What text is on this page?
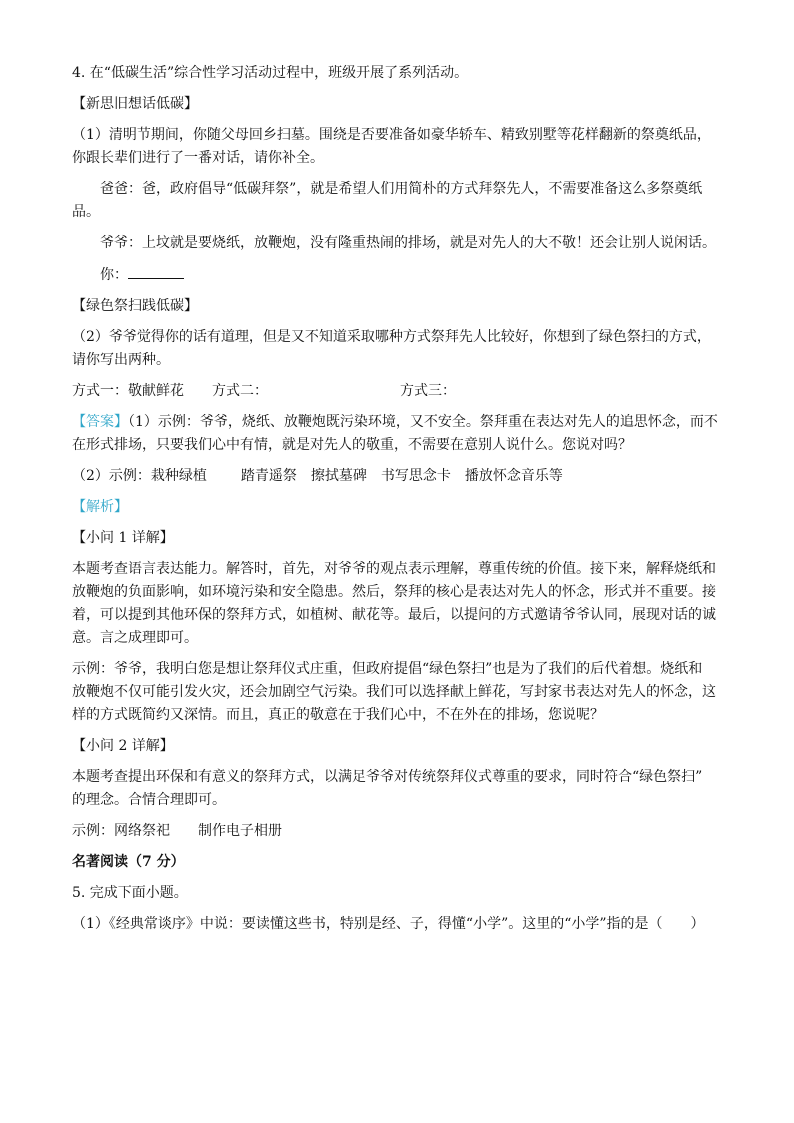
4. 在“低碳生活”综合性学习活动过程中，班级开展了系列活动。
【新思旧想话低碳】
（1）清明节期间，你随父母回乡扫墓。围绕是否要准备如豪华轿车、精致别墅等花样翻新的祭奠纸品，
你跟长辈们进行了一番对话，请你补全。
爸爸：爸，政府倡导“低碳拜祭”，就是希望人们用简朴的方式拜祭先人，不需要准备这么多祭奠纸
品。
爷爷：上坟就是要烧纸，放鞭炮，没有隆重热闹的排场，就是对先人的大不敬！还会让别人说闲话。
你：
【绿色祭扫践低碳】
（2）爷爷觉得你的话有道理，但是又不知道采取哪种方式祭拜先人比较好，你想到了绿色祭扫的方式，
请你写出两种。
方式一：敬献鲜花 方式二：	方式三：
【答案】（1）示例：爷爷，烧纸、放鞭炮既污染环境，又不安全。祭拜重在表达对先人的追思怀念，而不
在形式排场，只要我们心中有情，就是对先人的敬重，不需要在意别人说什么。您说对吗？
（2）示例：栽种绿植 踏青遥祭 擦拭墓碑 书写思念卡 播放怀念音乐等
【解析】
【小问 1 详解】
本题考查语言表达能力。解答时，首先，对爷爷的观点表示理解，尊重传统的价值。接下来，解释烧纸和
放鞭炮的负面影响，如环境污染和安全隐患。然后，祭拜的核心是表达对先人的怀念，形式并不重要。接
着，可以提到其他环保的祭拜方式，如植树、献花等。最后，以提问的方式邀请爷爷认同，展现对话的诚
意。言之成理即可。
示例：爷爷，我明白您是想让祭拜仪式庄重，但政府提倡“绿色祭扫”也是为了我们的后代着想。烧纸和
放鞭炮不仅可能引发火灾，还会加剧空气污染。我们可以选择献上鲜花，写封家书表达对先人的怀念，这
样的方式既简约又深情。而且，真正的敬意在于我们心中，不在外在的排场，您说呢？
【小问 2 详解】
本题考查提出环保和有意义的祭拜方式，以满足爷爷对传统祭拜仪式尊重的要求，同时符合“绿色祭扫”
的理念。合情合理即可。
示例：网络祭祀 制作电子相册
名著阅读（7 分）
5. 完成下面小题。
（1）《经典常谈序》中说：要读懂这些书，特别是经、子，得懂“小学”。这里的“小学”指的是（　　）
